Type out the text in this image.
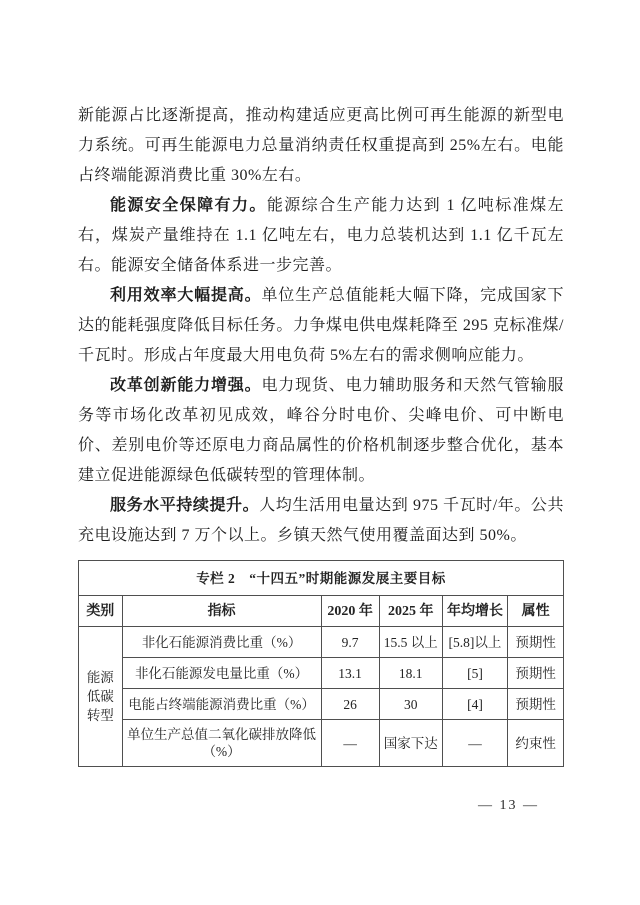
新能源占比逐渐提高，推动构建适应更高比例可再生能源的新型电力系统。可再生能源电力总量消纳责任权重提高到 25%左右。电能占终端能源消费比重 30%左右。

能源安全保障有力。能源综合生产能力达到 1 亿吨标准煤左右，煤炭产量维持在 1.1 亿吨左右，电力总装机达到 1.1 亿千瓦左右。能源安全储备体系进一步完善。

利用效率大幅提高。单位生产总值能耗大幅下降，完成国家下达的能耗强度降低目标任务。力争煤电供电煤耗降至 295 克标准煤/千瓦时。形成占年度最大用电负荷 5%左右的需求侧响应能力。

改革创新能力增强。电力现货、电力辅助服务和天然气管输服务等市场化改革初见成效，峰谷分时电价、尖峰电价、可中断电价、差别电价等还原电力商品属性的价格机制逐步整合优化，基本建立促进能源绿色低碳转型的管理体制。

服务水平持续提升。人均生活用电量达到 975 千瓦时/年。公共充电设施达到 7 万个以上。乡镇天然气使用覆盖面达到 50%。

专栏 2　“十四五”时期能源发展主要目标					
类别	指标	2020 年	2025 年	年均增长	属性
能源低碳转型	非化石能源消费比重（%）	9.7	15.5 以上	[5.8]以上	预期性
	非化石能源发电量比重（%）	13.1	18.1	[5]	预期性
	电能占终端能源消费比重（%）	26	30	[4]	预期性
	单位生产总值二氧化碳排放降低（%）	—	国家下达	—	约束性
— 13 —
